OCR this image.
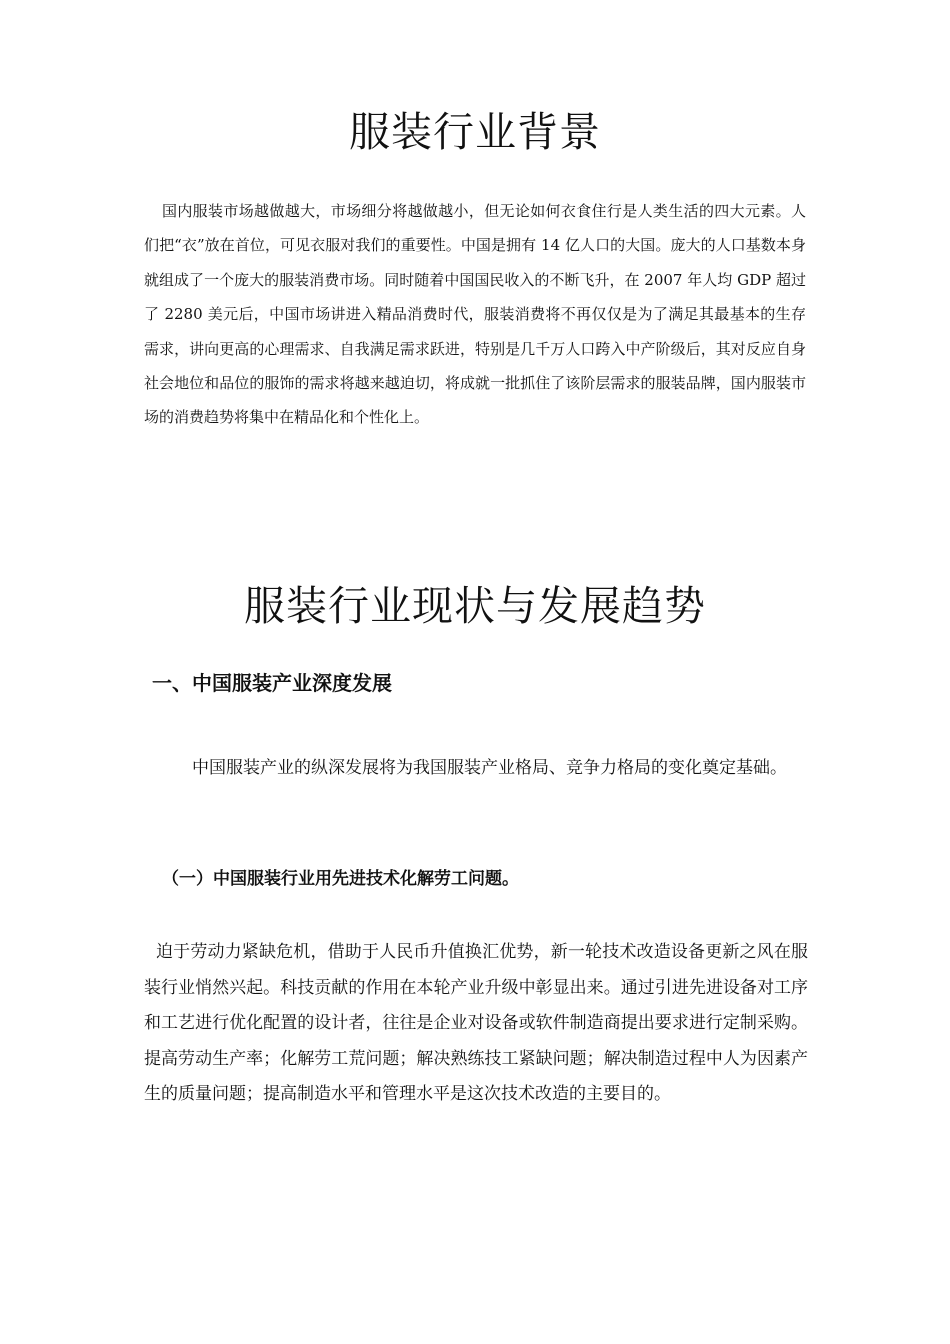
服装行业背景

国内服装市场越做越大，市场细分将越做越小，但无论如何衣食住行是人类生活的四大元素。人们把“衣”放在首位，可见衣服对我们的重要性。中国是拥有 14 亿人口的大国。庞大的人口基数本身就组成了一个庞大的服装消费市场。同时随着中国国民收入的不断飞升，在 2007 年人均 GDP 超过了 2280 美元后，中国市场讲进入精品消费时代，服装消费将不再仅仅是为了满足其最基本的生存需求，讲向更高的心理需求、自我满足需求跃进，特别是几千万人口跨入中产阶级后，其对反应自身社会地位和品位的服饰的需求将越来越迫切，将成就一批抓住了该阶层需求的服装品牌，国内服装市场的消费趋势将集中在精品化和个性化上。

服装行业现状与发展趋势
一、中国服装产业深度发展

中国服装产业的纵深发展将为我国服装产业格局、竞争力格局的变化奠定基础。

（一）中国服装行业用先进技术化解劳工问题。

迫于劳动力紧缺危机，借助于人民币升值换汇优势，新一轮技术改造设备更新之风在服装行业悄然兴起。科技贡献的作用在本轮产业升级中彰显出来。通过引进先进设备对工序和工艺进行优化配置的设计者，往往是企业对设备或软件制造商提出要求进行定制采购。提高劳动生产率；化解劳工荒问题；解决熟练技工紧缺问题；解决制造过程中人为因素产生的质量问题；提高制造水平和管理水平是这次技术改造的主要目的。
